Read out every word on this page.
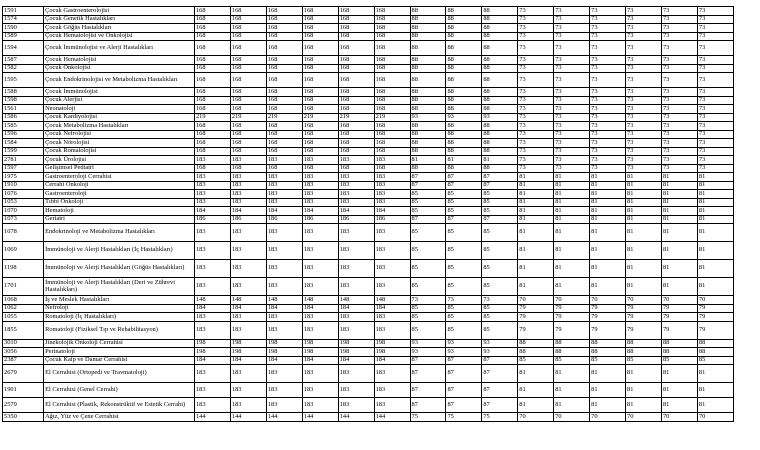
1591	Çocuk Gastroenterolojisi	168	168	168	168	168	168	88	88	88	73	73	73	73	73	73
1574	Çocuk Genetik Hastalıkları	168	168	168	168	168	168	88	88	88	73	73	73	73	73	73
1590	Çocuk Göğüs Hastalıkları	168	168	168	168	168	168	88	88	88	73	73	73	73	73	73
1589	Çocuk Hematolojisi ve Onkolojisi	168	168	168	168	168	168	88	88	88	73	73	73	73	73	73
1594	Çocuk İmmünolojisi ve Alerji Hastalıkları	168	168	168	168	168	168	88	88	88	73	73	73	73	73	73
1587	Çocuk Hematolojisi	168	168	168	168	168	168	88	88	88	73	73	73	73	73	73
1582	Çocuk Onkolojisi	168	168	168	168	168	168	88	88	88	73	73	73	73	73	73
1595	Çocuk Endokrinolojisi ve Metabolizma Hastalıkları	168	168	168	168	168	168	88	88	88	73	73	73	73	73	73
1588	Çocuk İmmünolojisi	168	168	168	168	168	168	88	88	88	73	73	73	73	73	73
1598	Çocuk Alerjisi	168	168	168	168	168	168	88	88	88	73	73	73	73	73	73
1561	Neonatoloji	168	168	168	168	168	168	88	88	88	73	73	73	73	73	73
1586	Çocuk Kardiyolojisi	219	219	219	219	219	219	93	93	93	73	73	73	73	73	73
1585	Çocuk Metabolizma Hastalıkları	168	168	168	168	168	168	88	88	88	73	73	73	73	73	73
1596	Çocuk Nefrolojisi	168	168	168	168	168	168	88	88	88	73	73	73	73	73	73
1584	Çocuk Nörolojisi	168	168	168	168	168	168	88	88	88	73	73	73	73	73	73
1599	Çocuk Romatolojisi	168	168	168	168	168	168	88	88	88	73	73	73	73	73	73
2781	Çocuk Ürolojisi	183	183	183	183	183	183	81	81	81	73	73	73	73	73	73
1597	Gelişimsel Pediatri	168	168	168	168	168	168	88	88	88	73	73	73	73	73	73
1975	Gastroenteroloji Cerrahisi	183	183	183	183	183	183	87	87	87	81	81	81	81	81	81
1910	Cerrahi Onkoloji	183	183	183	183	183	183	87	87	87	81	81	81	81	81	81
1076	Gastroenteroloji	183	183	183	183	183	183	85	85	85	81	81	81	81	81	81
1053	Tıbbi Onkoloji	183	183	183	183	183	183	85	85	85	81	81	81	81	81	81
1070	Hematoloji	184	184	184	184	184	184	85	85	85	81	81	81	81	81	81
1073	Geriatri	186	186	186	186	186	186	87	87	87	81	81	81	81	81	81
1078	Endokrinoloji ve Metabolizma Hastalıkları	183	183	183	183	183	183	85	85	85	81	81	81	81	81	81
1069	İmmünoloji ve Alerji Hastalıkları (İç Hastalıkları)	183	183	183	183	183	183	85	85	85	81	81	81	81	81	81
1198	İmmünoloji ve Alerji Hastalıkları (Göğüs Hastalıkları)	183	183	183	183	183	183	85	85	85	81	81	81	81	81	81
1701	İmmünoloji ve Alerji Hastalıkları (Deri ve Zührevi Hastalıkları)	183	183	183	183	183	183	85	85	85	81	81	81	81	81	81
1068	İş ve Meslek Hastalıkları	148	148	148	148	148	148	73	73	73	70	70	70	70	70	70
1062	Nefroloji	184	184	184	184	184	184	85	85	85	79	79	79	79	79	79
1055	Romatoloji (İç Hastalıkları)	183	183	183	183	183	183	85	85	85	79	79	79	79	79	79
1855	Romatoloji (Fiziksel Tıp ve Rehabilitasyon)	183	183	183	183	183	183	85	85	85	79	79	79	79	79	79
3010	Jinekolojik Onkoloji Cerrahisi	198	198	198	198	198	198	93	93	93	88	88	88	88	88	88
3056	Perinatoloji	198	198	198	198	198	198	93	93	93	88	88	88	88	88	88
2387	Çocuk Kalp ve Damar Cerrahisi	184	184	184	184	184	184	87	87	87	85	85	85	85	85	85
2679	El Cerrahisi (Ortopedi ve Travmatoloji)	183	183	183	183	183	183	87	87	87	81	81	81	81	81	81
1901	El Cerrahisi (Genel Cerrahi)	183	183	183	183	183	183	87	87	87	81	81	81	81	81	81
2579	El Cerrahisi (Plastik, Rekonstrüktif ve Estetik Cerrahi)	183	183	183	183	183	183	87	87	87	81	81	81	81	81	81
5350	Ağız, Yüz ve Çene Cerrahisi	144	144	144	144	144	144	75	75	75	70	70	70	70	70	70
